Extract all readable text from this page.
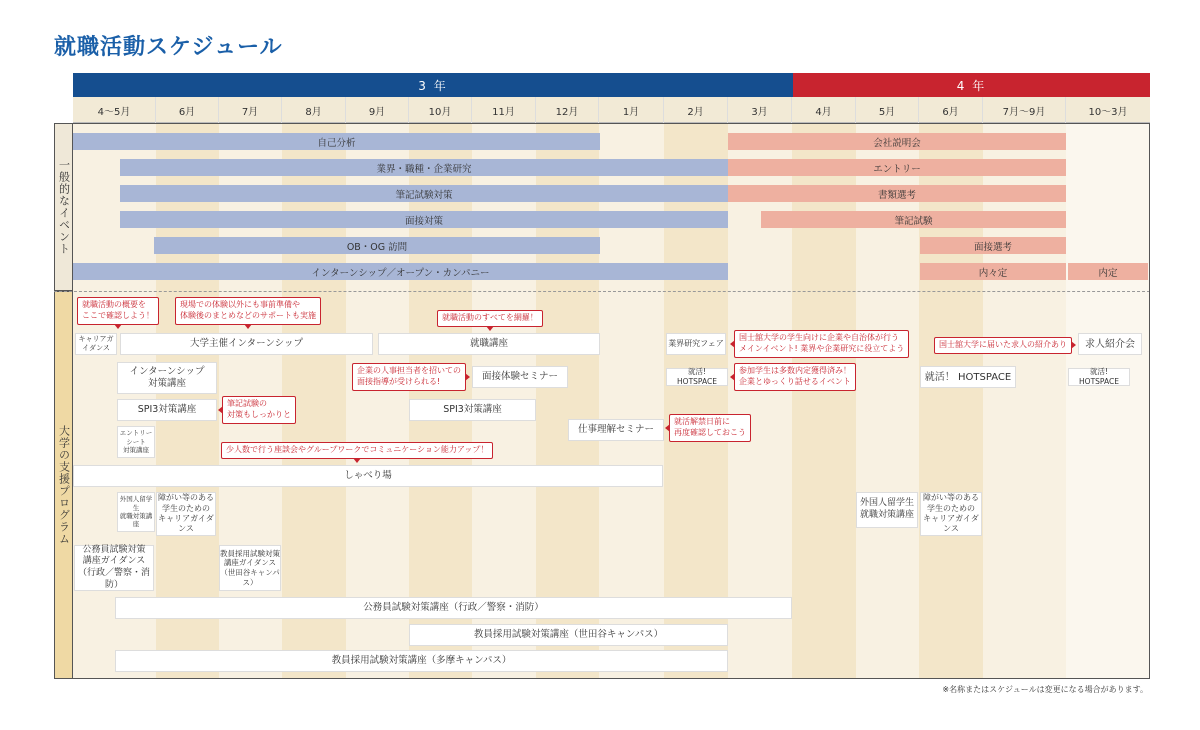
就職活動スケジュール
3 年	4 年
4～5月	6月	7月	8月	9月	10月	11月	12月	1月	2月	3月	4月	5月	6月	7月～9月	10～3月
一般的なイベント
大学の支援プログラム
自己分析
業界・職種・企業研究
筆記試験対策
面接対策
OB・OG 訪問
インターンシップ／オープン・カンパニー
会社説明会
エントリー
書類選考
筆記試験
面接選考
内々定	内定
キャリアガイダンス	大学主催インターンシップ	就職講座	業界研究フェア	求人紹介会
インターンシップ
対策講座
面接体験セミナー	就活! HOTSPACE	就活！ HOTSPACE	就活! HOTSPACE
SPI3対策講座	SPI3対策講座
仕事理解セミナー
エントリーシート
対策講座
しゃべり場
外国人留学生
就職対策講座
障がい等のある
学生のための
キャリアガイダンス
外国人留学生
就職対策講座
障がい等のある
学生のための
キャリアガイダンス
公務員試験対策
講座ガイダンス
（行政／警察・消防）
教員採用試験対策
講座ガイダンス
（世田谷キャンパス）
公務員試験対策講座（行政／警察・消防）
教員採用試験対策講座（世田谷キャンパス）
教員採用試験対策講座（多摩キャンパス）
就職活動の概要を
ここで確認しよう！
現場での体験以外にも事前準備や
体験後のまとめなどのサポートも実施	就職活動のすべてを網羅！
国士舘大学の学生向けに企業や自治体が行う
メインイベント! 業界や企業研究に役立てよう	国士舘大学に届いた求人の紹介あり
企業の人事担当者を招いての
面接指導が受けられる!
参加学生は多数内定獲得済み！
企業とゆっくり話せるイベント
筆記試験の
対策もしっかりと
就活解禁日前に
再度確認しておこう
少人数で行う座談会やグループワークでコミュニケーション能力アップ！
※名称またはスケジュールは変更になる場合があります。
